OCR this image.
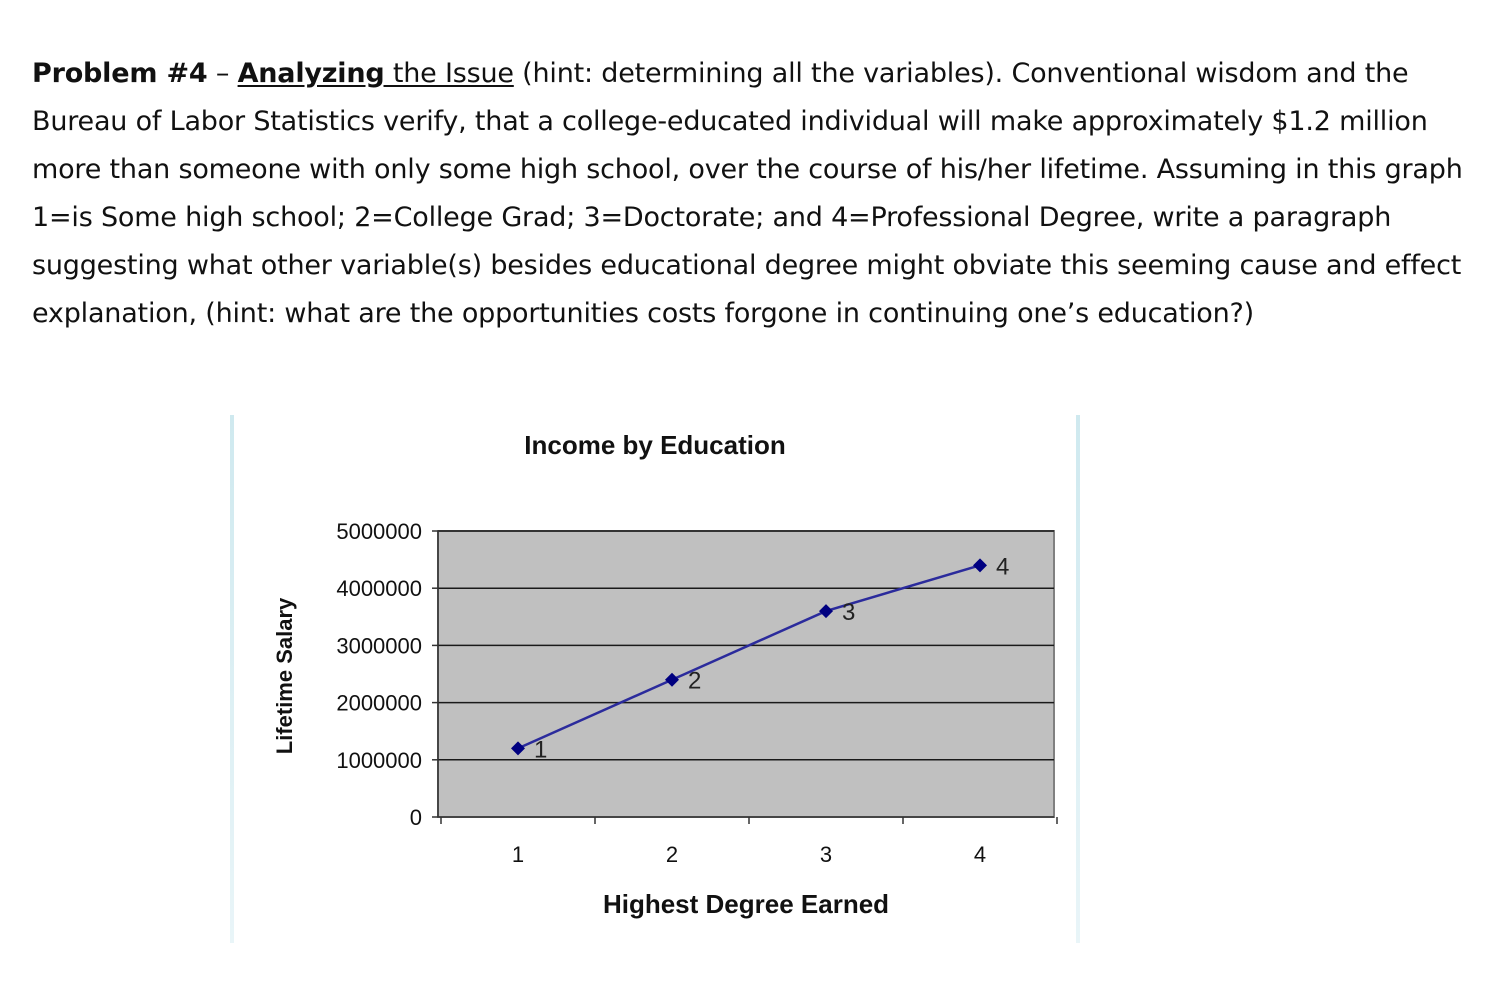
Problem #4 – Analyzing the Issue (hint: determining all the variables). Conventional wisdom and the Bureau of Labor Statistics verify, that a college-educated individual will make approximately $1.2 million more than someone with only some high school, over the course of his/her lifetime. Assuming in this graph 1=is Some high school; 2=College Grad; 3=Doctorate; and 4=Professional Degree, write a paragraph suggesting what other variable(s) besides educational degree might obviate this seeming cause and effect explanation, (hint: what are the opportunities costs forgone in continuing one’s education?)

Income by Education
Lifetime Salary
Highest Degree Earned
0
1000000
2000000
3000000
4000000
5000000
1	2	3	4
1
2
3
4
